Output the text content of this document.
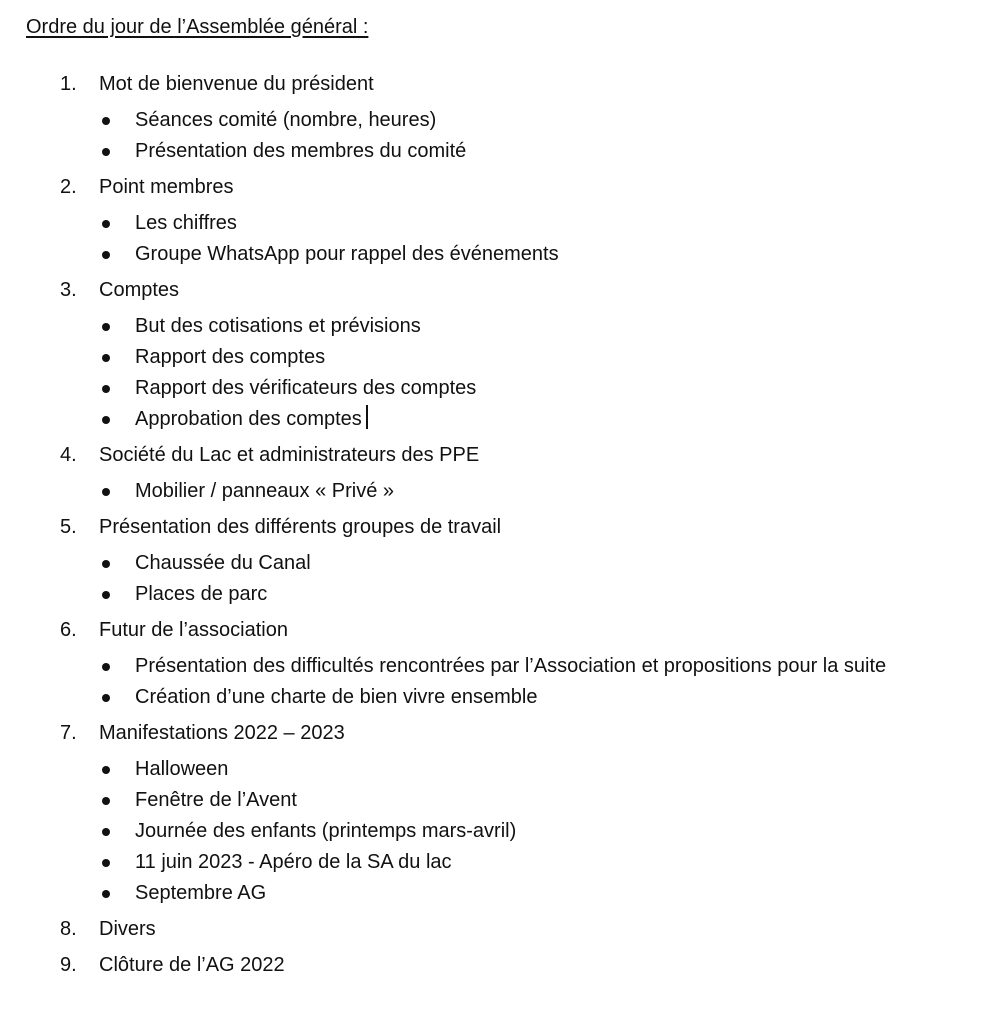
Ordre du jour de l’Assemblée général :
1.	Mot de bienvenue du président
Séances comité (nombre, heures)
Présentation des membres du comité
2.	Point membres
Les chiffres
Groupe WhatsApp pour rappel des événements
3.	Comptes
But des cotisations et prévisions
Rapport des comptes
Rapport des vérificateurs des comptes
Approbation des comptes
4.	Société du Lac et administrateurs des PPE
Mobilier / panneaux « Privé »
5.	Présentation des différents groupes de travail
Chaussée du Canal
Places de parc
6.	Futur de l’association
Présentation des difficultés rencontrées par l’Association et propositions pour la suite
Création d’une charte de bien vivre ensemble
7.	Manifestations 2022 – 2023
Halloween
Fenêtre de l’Avent
Journée des enfants (printemps mars-avril)
11 juin 2023 - Apéro de la SA du lac
Septembre AG
8.	Divers
9.	Clôture de l’AG 2022
